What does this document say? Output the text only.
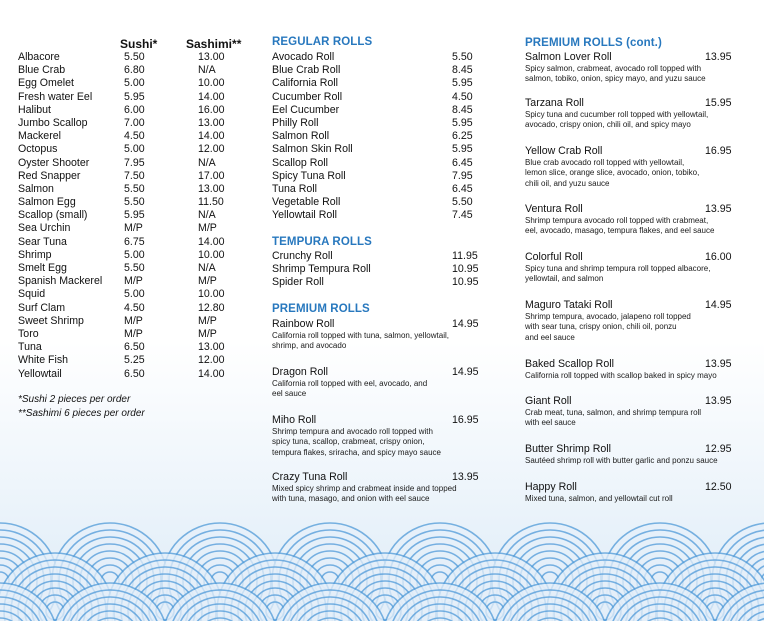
Sushi* Sashimi**
Albacore	5.50	13.00
Blue Crab	6.80	N/A
Egg Omelet	5.00	10.00
Fresh water Eel	5.95	14.00
Halibut	6.00	16.00
Jumbo Scallop	7.00	13.00
Mackerel	4.50	14.00
Octopus	5.00	12.00
Oyster Shooter	7.95	N/A
Red Snapper	7.50	17.00
Salmon	5.50	13.00
Salmon Egg	5.50	11.50
Scallop (small)	5.95	N/A
Sea Urchin	M/P	M/P
Sear Tuna	6.75	14.00
Shrimp	5.00	10.00
Smelt Egg	5.50	N/A
Spanish Mackerel M/P	M/P
Squid	5.00	10.00
Surf Clam	4.50	12.80
Sweet Shrimp	M/P	M/P
Toro	M/P	M/P
Tuna	6.50	13.00
White Fish	5.25	12.00
Yellowtail	6.50	14.00
*Sushi 2 pieces per order
**Sashimi 6 pieces per order
REGULAR ROLLS
Avocado Roll	5.50
Blue Crab Roll	8.45
California Roll	5.95
Cucumber Roll	4.50
Eel Cucumber	8.45
Philly Roll	5.95
Salmon Roll	6.25
Salmon Skin Roll	5.95
Scallop Roll	6.45
Spicy Tuna Roll	7.95
Tuna Roll	6.45
Vegetable Roll	5.50
Yellowtail Roll	7.45
TEMPURA ROLLS
Crunchy Roll	11.95
Shrimp Tempura Roll	10.95
Spider Roll	10.95
PREMIUM ROLLS
Rainbow Roll	14.95
California roll topped with tuna, salmon, yellowtail,
shrimp, and avocado
Dragon Roll	14.95
California roll topped with eel, avocado, and
eel sauce
Miho Roll	16.95
Shrimp tempura and avocado roll topped with
spicy tuna, scallop, crabmeat, crispy onion,
tempura flakes, sriracha, and spicy mayo sauce
Crazy Tuna Roll	13.95
Mixed spicy shrimp and crabmeat inside and topped
with tuna, masago, and onion with eel sauce
PREMIUM ROLLS (cont.)
Salmon Lover Roll	13.95
Spicy salmon, crabmeat, avocado roll topped with
salmon, tobiko, onion, spicy mayo, and yuzu sauce
Tarzana Roll	15.95
Spicy tuna and cucumber roll topped with yellowtail,
avocado, crispy onion, chili oil, and spicy mayo
Yellow Crab Roll	16.95
Blue crab avocado roll topped with yellowtail,
lemon slice, orange slice, avocado, onion, tobiko,
chili oil, and yuzu sauce
Ventura Roll	13.95
Shrimp tempura avocado roll topped with crabmeat,
eel, avocado, masago, tempura flakes, and eel sauce
Colorful Roll	16.00
Spicy tuna and shrimp tempura roll topped albacore,
yellowtail, and salmon
Maguro Tataki Roll	14.95
Shrimp tempura, avocado, jalapeno roll topped
with sear tuna, crispy onion, chili oil, ponzu
and eel sauce
Baked Scallop Roll	13.95
California roll topped with scallop baked in spicy mayo
Giant Roll	13.95
Crab meat, tuna, salmon, and shrimp tempura roll
with eel sauce
Butter Shrimp Roll	12.95
Sautéed shrimp roll with butter garlic and ponzu sauce
Happy Roll	12.50
Mixed tuna, salmon, and yellowtail cut roll
